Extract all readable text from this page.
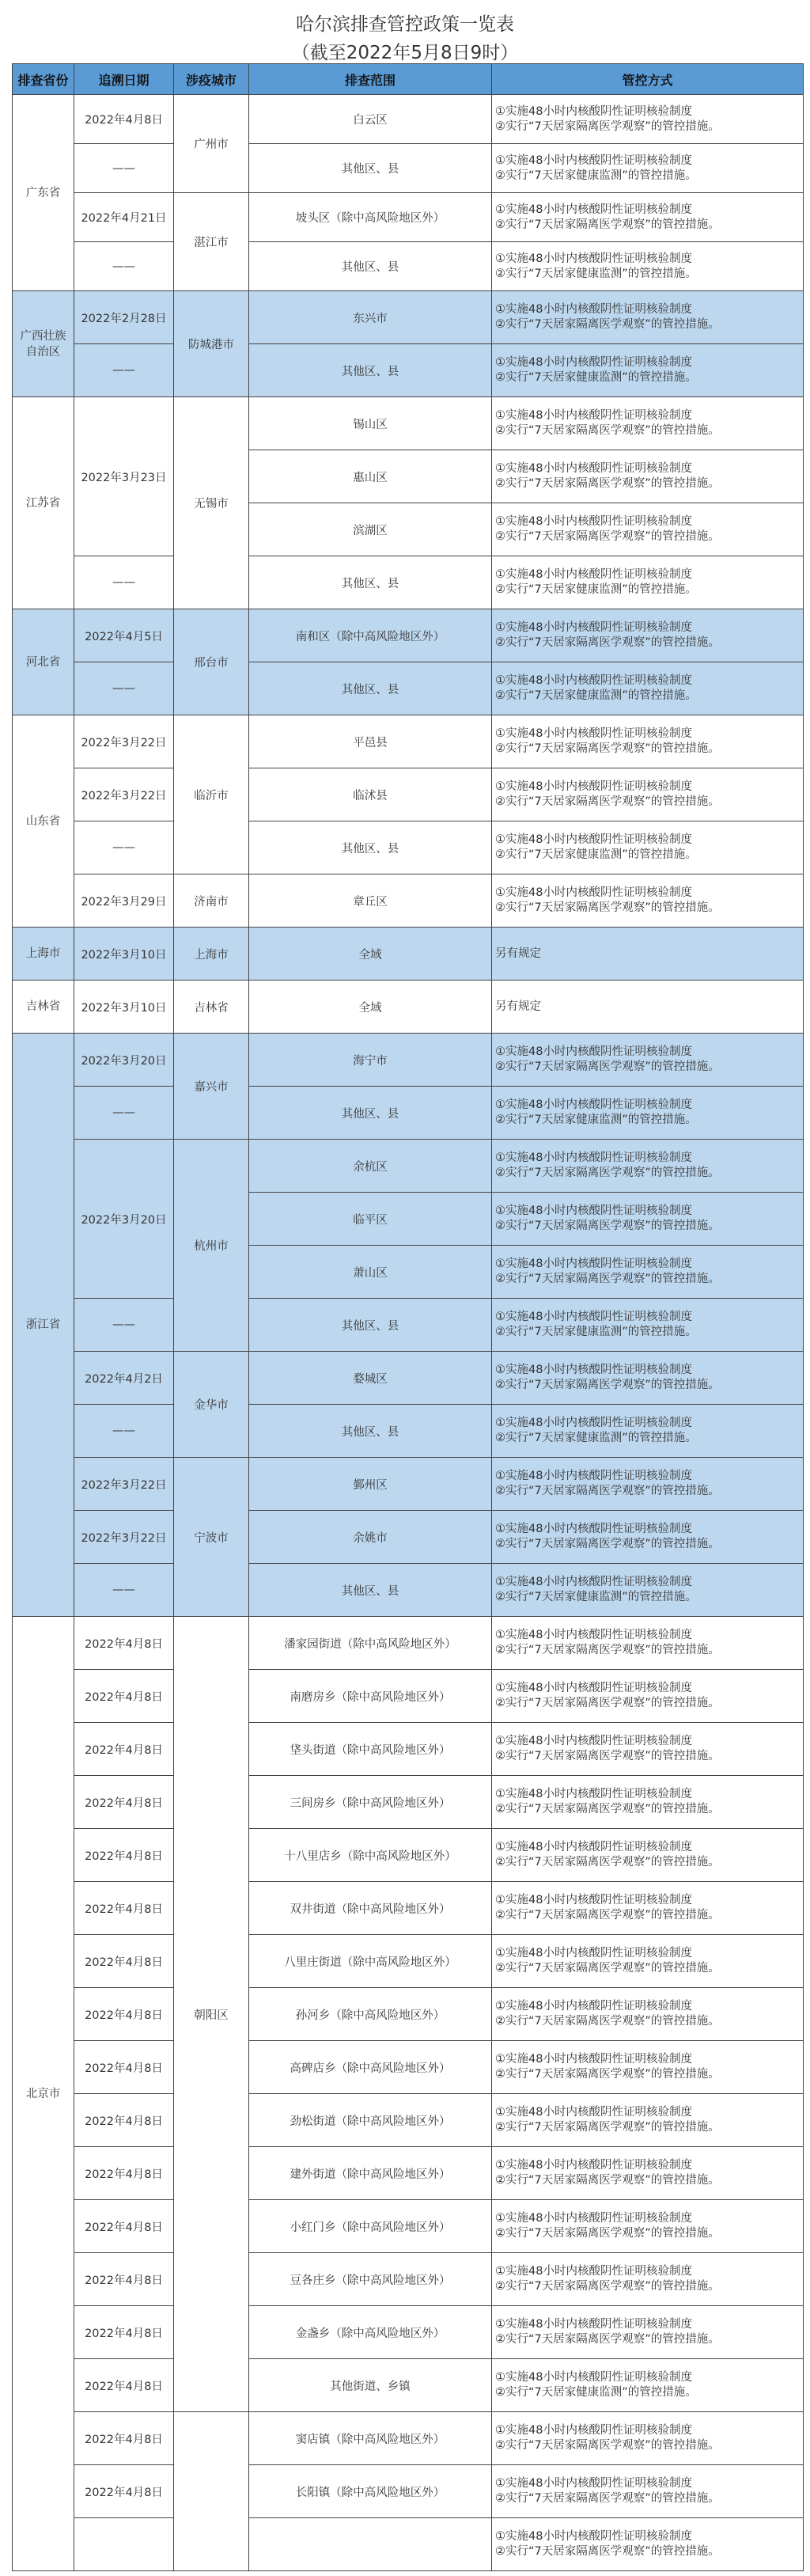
哈尔滨排查管控政策一览表
（截至2022年5月8日9时）
排查省份	追溯日期	涉疫城市	排查范围	管控方式
广东省	2022年4月8日	广州市	白云区	①实施48小时内核酸阴性证明核验制度
②实行“7天居家隔离医学观察”的管控措施。

	——		其他区、县	①实施48小时内核酸阴性证明核验制度
②实行“7天居家健康监测”的管控措施。

	2022年4月21日	湛江市	坡头区（除中高风险地区外）	①实施48小时内核酸阴性证明核验制度
②实行“7天居家隔离医学观察”的管控措施。

	——		其他区、县	①实施48小时内核酸阴性证明核验制度
②实行“7天居家健康监测”的管控措施。

广西壮族自治区	2022年2月28日	防城港市	东兴市	①实施48小时内核酸阴性证明核验制度
②实行“7天居家隔离医学观察”的管控措施。

	——		其他区、县	①实施48小时内核酸阴性证明核验制度
②实行“7天居家健康监测”的管控措施。

江苏省	2022年3月23日	无锡市	锡山区	①实施48小时内核酸阴性证明核验制度
②实行“7天居家隔离医学观察”的管控措施。

			惠山区	①实施48小时内核酸阴性证明核验制度
②实行“7天居家隔离医学观察”的管控措施。

			滨湖区	①实施48小时内核酸阴性证明核验制度
②实行“7天居家隔离医学观察”的管控措施。

	——		其他区、县	①实施48小时内核酸阴性证明核验制度
②实行“7天居家健康监测”的管控措施。

河北省	2022年4月5日	邢台市	南和区（除中高风险地区外）	①实施48小时内核酸阴性证明核验制度
②实行“7天居家隔离医学观察”的管控措施。

	——		其他区、县	①实施48小时内核酸阴性证明核验制度
②实行“7天居家健康监测”的管控措施。

山东省	2022年3月22日	临沂市	平邑县	①实施48小时内核酸阴性证明核验制度
②实行“7天居家隔离医学观察”的管控措施。

	2022年3月22日		临沭县	①实施48小时内核酸阴性证明核验制度
②实行“7天居家隔离医学观察”的管控措施。

	——		其他区、县	①实施48小时内核酸阴性证明核验制度
②实行“7天居家健康监测”的管控措施。

	2022年3月29日	济南市	章丘区	①实施48小时内核酸阴性证明核验制度
②实行“7天居家隔离医学观察”的管控措施。

上海市	2022年3月10日	上海市	全域	另有规定

吉林省	2022年3月10日	吉林省	全域	另有规定

浙江省	2022年3月20日	嘉兴市	海宁市	①实施48小时内核酸阴性证明核验制度
②实行“7天居家隔离医学观察”的管控措施。

	——		其他区、县	①实施48小时内核酸阴性证明核验制度
②实行“7天居家健康监测”的管控措施。

	2022年3月20日	杭州市	余杭区	①实施48小时内核酸阴性证明核验制度
②实行“7天居家隔离医学观察”的管控措施。

			临平区	①实施48小时内核酸阴性证明核验制度
②实行“7天居家隔离医学观察”的管控措施。

			萧山区	①实施48小时内核酸阴性证明核验制度
②实行“7天居家隔离医学观察”的管控措施。

	——		其他区、县	①实施48小时内核酸阴性证明核验制度
②实行“7天居家健康监测”的管控措施。

	2022年4月2日	金华市	婺城区	①实施48小时内核酸阴性证明核验制度
②实行“7天居家隔离医学观察”的管控措施。

	——		其他区、县	①实施48小时内核酸阴性证明核验制度
②实行“7天居家健康监测”的管控措施。

	2022年3月22日	宁波市	鄞州区	①实施48小时内核酸阴性证明核验制度
②实行“7天居家隔离医学观察”的管控措施。

	2022年3月22日		余姚市	①实施48小时内核酸阴性证明核验制度
②实行“7天居家隔离医学观察”的管控措施。

	——		其他区、县	①实施48小时内核酸阴性证明核验制度
②实行“7天居家健康监测”的管控措施。

北京市	2022年4月8日	朝阳区	潘家园街道（除中高风险地区外）	①实施48小时内核酸阴性证明核验制度
②实行“7天居家隔离医学观察”的管控措施。

	2022年4月8日		南磨房乡（除中高风险地区外）	①实施48小时内核酸阴性证明核验制度
②实行“7天居家隔离医学观察”的管控措施。

	2022年4月8日		垡头街道（除中高风险地区外）	①实施48小时内核酸阴性证明核验制度
②实行“7天居家隔离医学观察”的管控措施。

	2022年4月8日		三间房乡（除中高风险地区外）	①实施48小时内核酸阴性证明核验制度
②实行“7天居家隔离医学观察”的管控措施。

	2022年4月8日		十八里店乡（除中高风险地区外）	①实施48小时内核酸阴性证明核验制度
②实行“7天居家隔离医学观察”的管控措施。

	2022年4月8日		双井街道（除中高风险地区外）	①实施48小时内核酸阴性证明核验制度
②实行“7天居家隔离医学观察”的管控措施。

	2022年4月8日		八里庄街道（除中高风险地区外）	①实施48小时内核酸阴性证明核验制度
②实行“7天居家隔离医学观察”的管控措施。

	2022年4月8日		孙河乡（除中高风险地区外）	①实施48小时内核酸阴性证明核验制度
②实行“7天居家隔离医学观察”的管控措施。

	2022年4月8日		高碑店乡（除中高风险地区外）	①实施48小时内核酸阴性证明核验制度
②实行“7天居家隔离医学观察”的管控措施。

	2022年4月8日		劲松街道（除中高风险地区外）	①实施48小时内核酸阴性证明核验制度
②实行“7天居家隔离医学观察”的管控措施。

	2022年4月8日		建外街道（除中高风险地区外）	①实施48小时内核酸阴性证明核验制度
②实行“7天居家隔离医学观察”的管控措施。

	2022年4月8日		小红门乡（除中高风险地区外）	①实施48小时内核酸阴性证明核验制度
②实行“7天居家隔离医学观察”的管控措施。

	2022年4月8日		豆各庄乡（除中高风险地区外）	①实施48小时内核酸阴性证明核验制度
②实行“7天居家隔离医学观察”的管控措施。

	2022年4月8日		金盏乡（除中高风险地区外）	①实施48小时内核酸阴性证明核验制度
②实行“7天居家隔离医学观察”的管控措施。

	2022年4月8日		其他街道、乡镇	①实施48小时内核酸阴性证明核验制度
②实行“7天居家健康监测”的管控措施。

	2022年4月8日		窦店镇（除中高风险地区外）	①实施48小时内核酸阴性证明核验制度
②实行“7天居家隔离医学观察”的管控措施。

	2022年4月8日		长阳镇（除中高风险地区外）	①实施48小时内核酸阴性证明核验制度
②实行“7天居家隔离医学观察”的管控措施。

				①实施48小时内核酸阴性证明核验制度
②实行“7天居家隔离医学观察”的管控措施。
